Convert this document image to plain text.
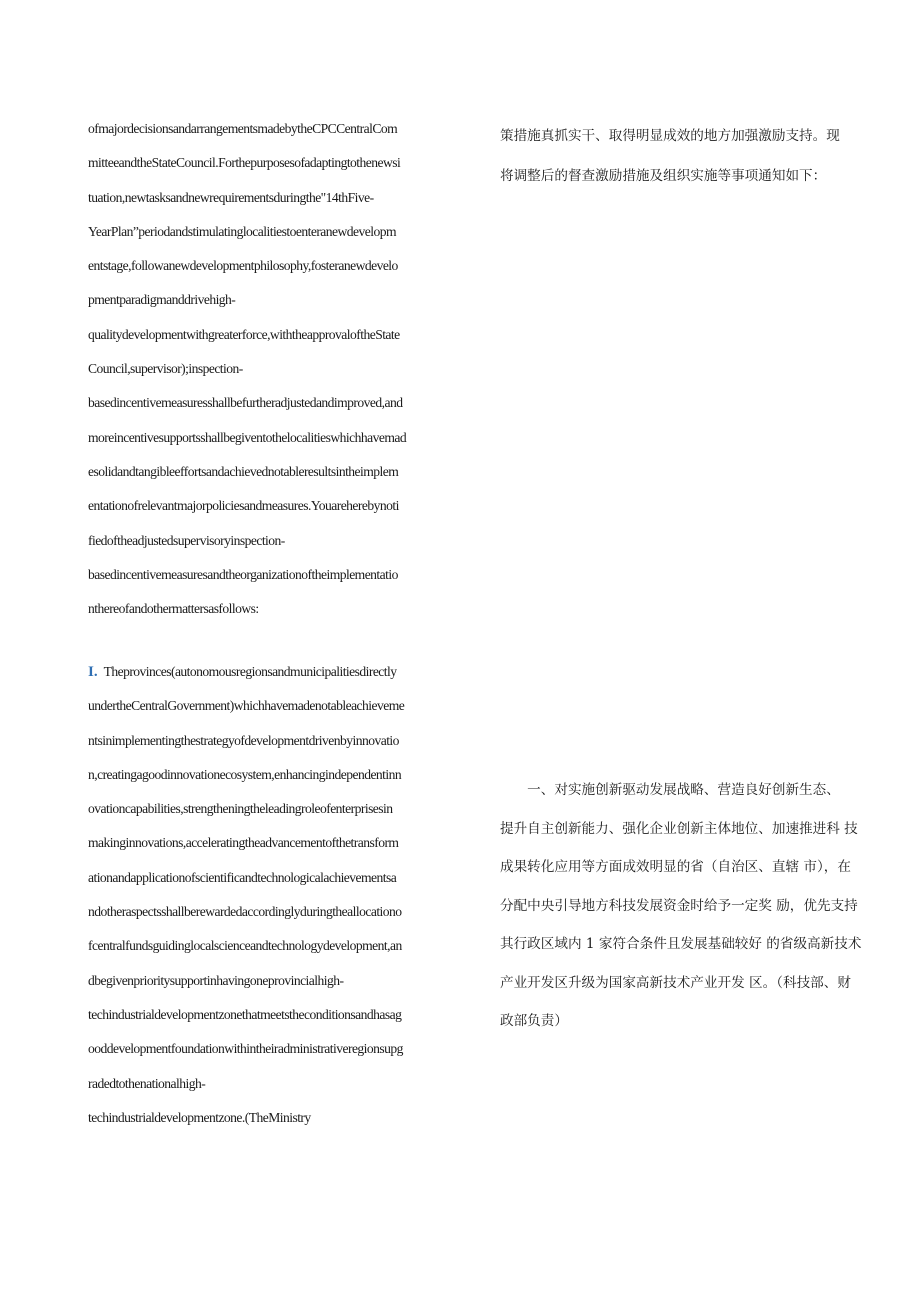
ofmajordecisionsandarrangementsmadebytheCPCCentralCom
mitteeandtheStateCouncil.Forthepurposesofadaptingtothenewsi
tuation,newtasksandnewrequirementsduringthe"14thFive-
YearPlan”periodandstimulatinglocalitiestoenteranewdevelopm
entstage,followanewdevelopmentphilosophy,fosteranewdevelo
pmentparadigmanddrivehigh-
qualitydevelopmentwithgreaterforce,withtheapprovaloftheState
Council,supervisor);inspection-
basedincentivemeasuresshallbefurtheradjustedandimproved,and
moreincentivesupportsshallbegiventothelocalitieswhichhavemad
esolidandtangibleeffortsandachievednotableresultsintheimplem
entationofrelevantmajorpoliciesandmeasures.Youareherebynoti
fiedoftheadjustedsupervisoryinspection-
basedincentivemeasuresandtheorganizationoftheimplementatio
nthereofandothermattersasfollows:
I. Theprovinces(autonomousregionsandmunicipalitiesdirectly
undertheCentralGovernment)whichhavemadenotableachieveme
ntsinimplementingthestrategyofdevelopmentdrivenbyinnovatio
n,creatingagoodinnovationecosystem,enhancingindependentinn
ovationcapabilities,strengtheningtheleadingroleofenterprisesin
makinginnovations,acceleratingtheadvancementofthetransform
ationandapplicationofscientificandtechnologicalachievementsa
ndotheraspectsshallberewardedaccordinglyduringtheallocationo
fcentralfundsguidinglocalscienceandtechnologydevelopment,an
dbegivenprioritysupportinhavingoneprovincialhigh-
techindustrialdevelopmentzonethatmeetstheconditionsandhasag
ooddevelopmentfoundationwithintheiradministrativeregionsupg
radedtothenationalhigh-
techindustrialdevelopmentzone.(TheMinistry
策措施真抓实干、取得明显成效的地方加强激励支持。现
将调整后的督查激励措施及组织实施等事项通知如下：
　　一、对实施创新驱动发展战略、营造良好创新生态、
提升自主创新能力、强化企业创新主体地位、加速推进科 技
成果转化应用等方面成效明显的省（自治区、直辖 市），在
分配中央引导地方科技发展资金时给予一定奖 励，优先支持
其行政区域内 1 家符合条件且发展基础较好 的省级高新技术
产业开发区升级为国家高新技术产业开发 区。（科技部、财
政部负责）
